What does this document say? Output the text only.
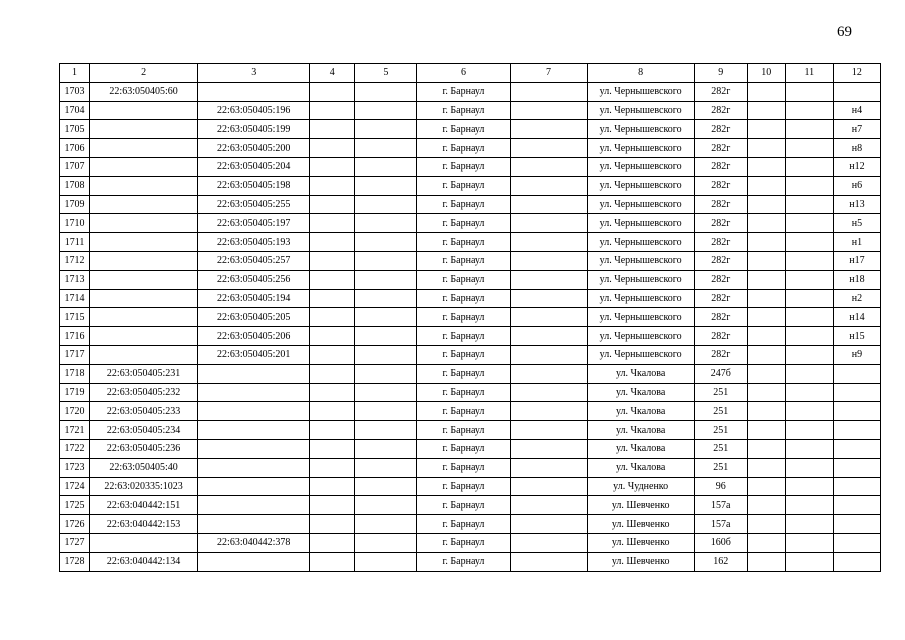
69
1	2	3	4	5	6	7	8	9	10	11	12
1703	22:63:050405:60				г. Барнаул		ул. Чернышевского	282г			
1704		22:63:050405:196			г. Барнаул		ул. Чернышевского	282г			н4
1705		22:63:050405:199			г. Барнаул		ул. Чернышевского	282г			н7
1706		22:63:050405:200			г. Барнаул		ул. Чернышевского	282г			н8
1707		22:63:050405:204			г. Барнаул		ул. Чернышевского	282г			н12
1708		22:63:050405:198			г. Барнаул		ул. Чернышевского	282г			н6
1709		22:63:050405:255			г. Барнаул		ул. Чернышевского	282г			н13
1710		22:63:050405:197			г. Барнаул		ул. Чернышевского	282г			н5
1711		22:63:050405:193			г. Барнаул		ул. Чернышевского	282г			н1
1712		22:63:050405:257			г. Барнаул		ул. Чернышевского	282г			н17
1713		22:63:050405:256			г. Барнаул		ул. Чернышевского	282г			н18
1714		22:63:050405:194			г. Барнаул		ул. Чернышевского	282г			н2
1715		22:63:050405:205			г. Барнаул		ул. Чернышевского	282г			н14
1716		22:63:050405:206			г. Барнаул		ул. Чернышевского	282г			н15
1717		22:63:050405:201			г. Барнаул		ул. Чернышевского	282г			н9
1718	22:63:050405:231				г. Барнаул		ул. Чкалова	247б			
1719	22:63:050405:232				г. Барнаул		ул. Чкалова	251			
1720	22:63:050405:233				г. Барнаул		ул. Чкалова	251			
1721	22:63:050405:234				г. Барнаул		ул. Чкалова	251			
1722	22:63:050405:236				г. Барнаул		ул. Чкалова	251			
1723	22:63:050405:40				г. Барнаул		ул. Чкалова	251			
1724	22:63:020335:1023				г. Барнаул		ул. Чудненко	96			
1725	22:63:040442:151				г. Барнаул		ул. Шевченко	157а			
1726	22:63:040442:153				г. Барнаул		ул. Шевченко	157а			
1727		22:63:040442:378			г. Барнаул		ул. Шевченко	160б			
1728	22:63:040442:134				г. Барнаул		ул. Шевченко	162			
